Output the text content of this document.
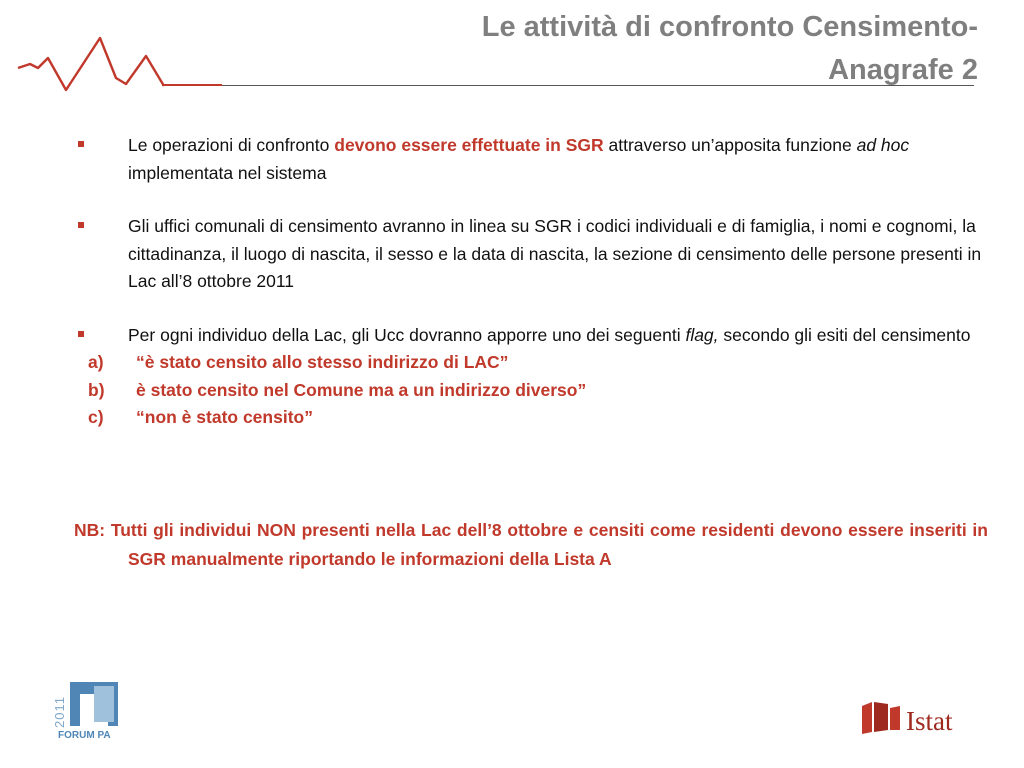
Le attività di confronto Censimento-
Anagrafe 2
Le operazioni di confronto devono essere effettuate in SGR attraverso un’apposita funzione ad hoc implementata nel sistema
Gli uffici comunali di censimento avranno in linea su SGR i codici individuali e di famiglia, i nomi e cognomi, la cittadinanza, il luogo di nascita, il sesso e la data di nascita, la sezione di censimento delle persone presenti in Lac all’8 ottobre 2011
Per ogni individuo della Lac, gli Ucc dovranno apporre uno dei seguenti flag, secondo gli esiti del censimento
a) “è stato censito allo stesso indirizzo di LAC”
b) è stato censito nel Comune ma a un indirizzo diverso”
c) “non è stato censito”
NB: Tutti gli individui NON presenti nella Lac dell’8 ottobre e censiti come residenti devono essere inseriti in SGR manualmente riportando le informazioni della Lista A
2011
FORUM PA	Istat
